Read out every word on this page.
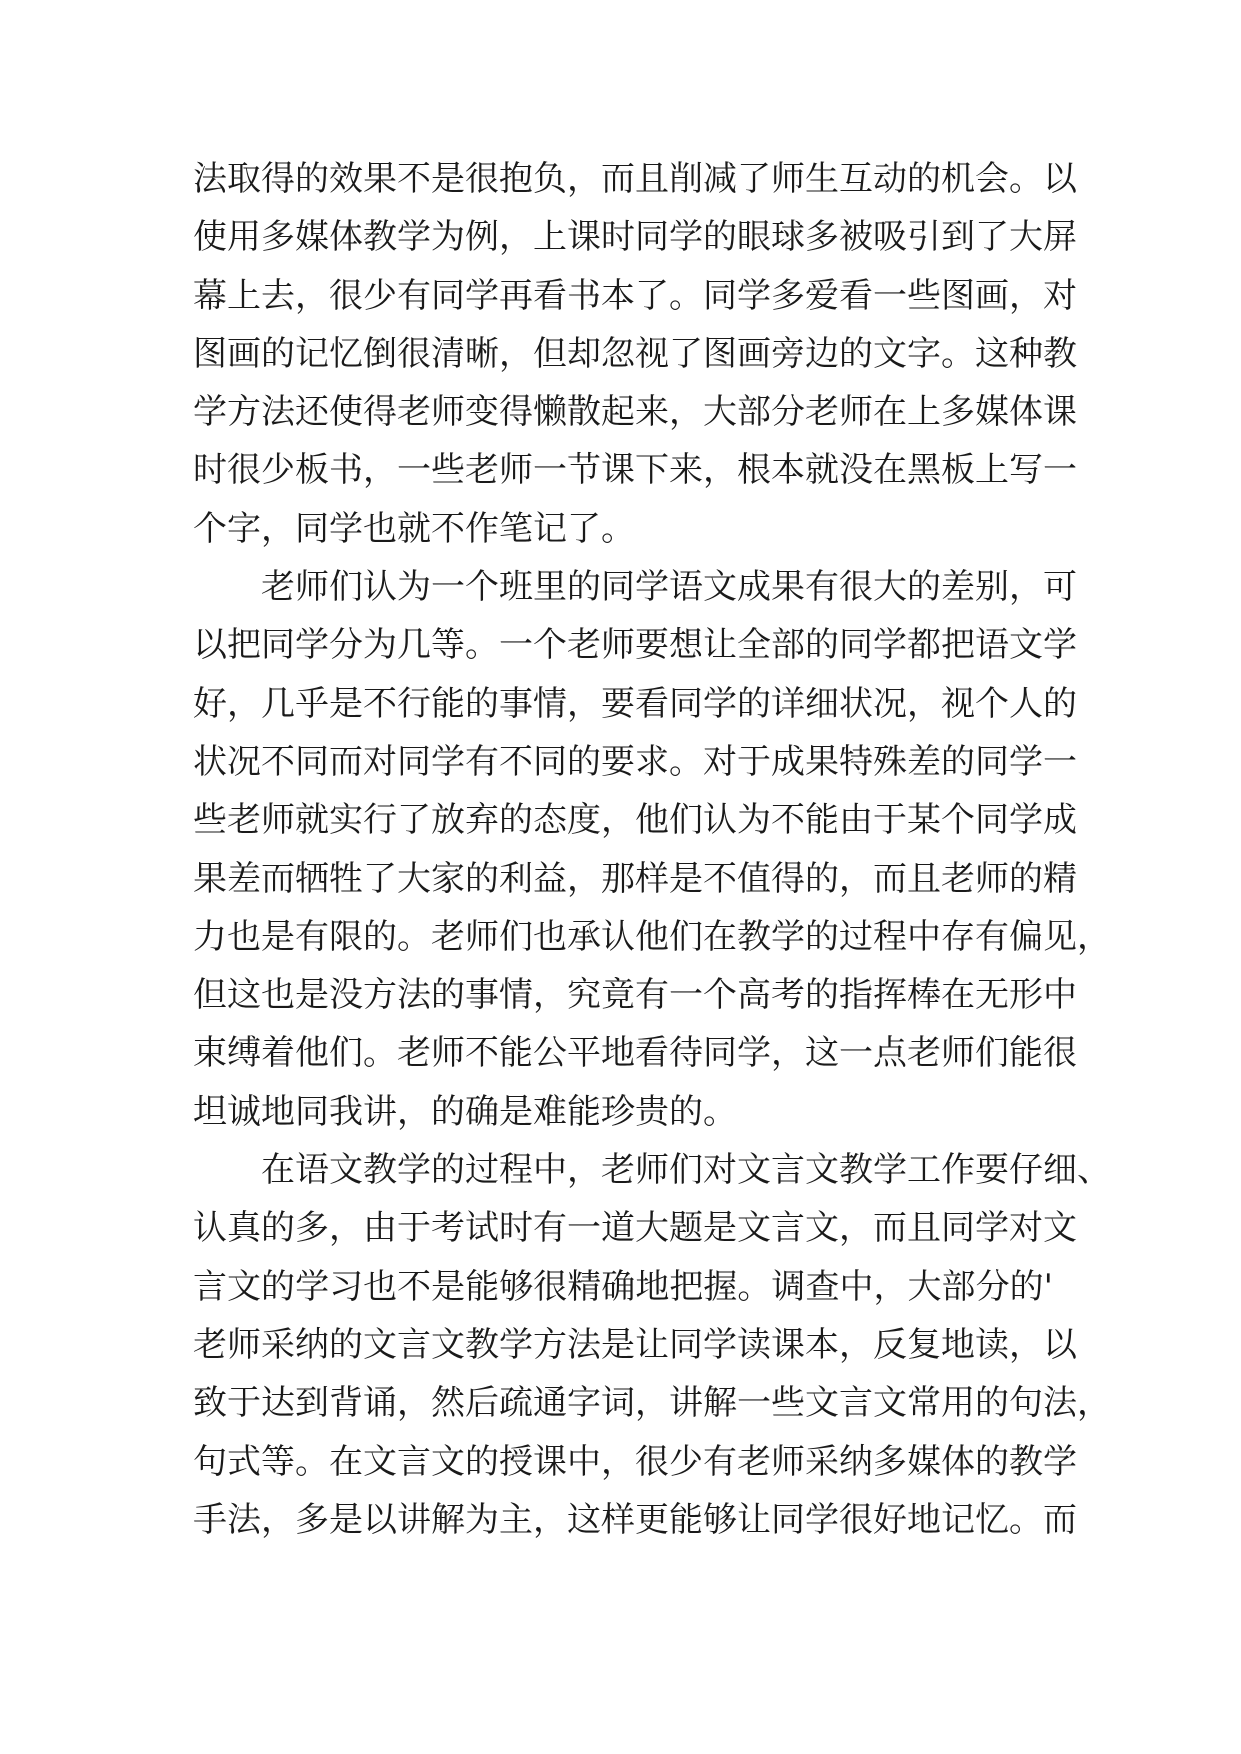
法取得的效果不是很抱负，而且削减了师生互动的机会。以
使用多媒体教学为例，上课时同学的眼球多被吸引到了大屏
幕上去，很少有同学再看书本了。同学多爱看一些图画，对
图画的记忆倒很清晰，但却忽视了图画旁边的文字。这种教
学方法还使得老师变得懒散起来，大部分老师在上多媒体课
时很少板书，一些老师一节课下来，根本就没在黑板上写一
个字，同学也就不作笔记了。
老师们认为一个班里的同学语文成果有很大的差别，可
以把同学分为几等。一个老师要想让全部的同学都把语文学
好，几乎是不行能的事情，要看同学的详细状况，视个人的
状况不同而对同学有不同的要求。对于成果特殊差的同学一
些老师就实行了放弃的态度，他们认为不能由于某个同学成
果差而牺牲了大家的利益，那样是不值得的，而且老师的精
力也是有限的。老师们也承认他们在教学的过程中存有偏见，
但这也是没方法的事情，究竟有一个高考的指挥棒在无形中
束缚着他们。老师不能公平地看待同学，这一点老师们能很
坦诚地同我讲，的确是难能珍贵的。
在语文教学的过程中，老师们对文言文教学工作要仔细、
认真的多，由于考试时有一道大题是文言文，而且同学对文
言文的学习也不是能够很精确地把握。调查中，大部分的'
老师采纳的文言文教学方法是让同学读课本，反复地读，以
致于达到背诵，然后疏通字词，讲解一些文言文常用的句法，
句式等。在文言文的授课中，很少有老师采纳多媒体的教学
手法，多是以讲解为主，这样更能够让同学很好地记忆。而
